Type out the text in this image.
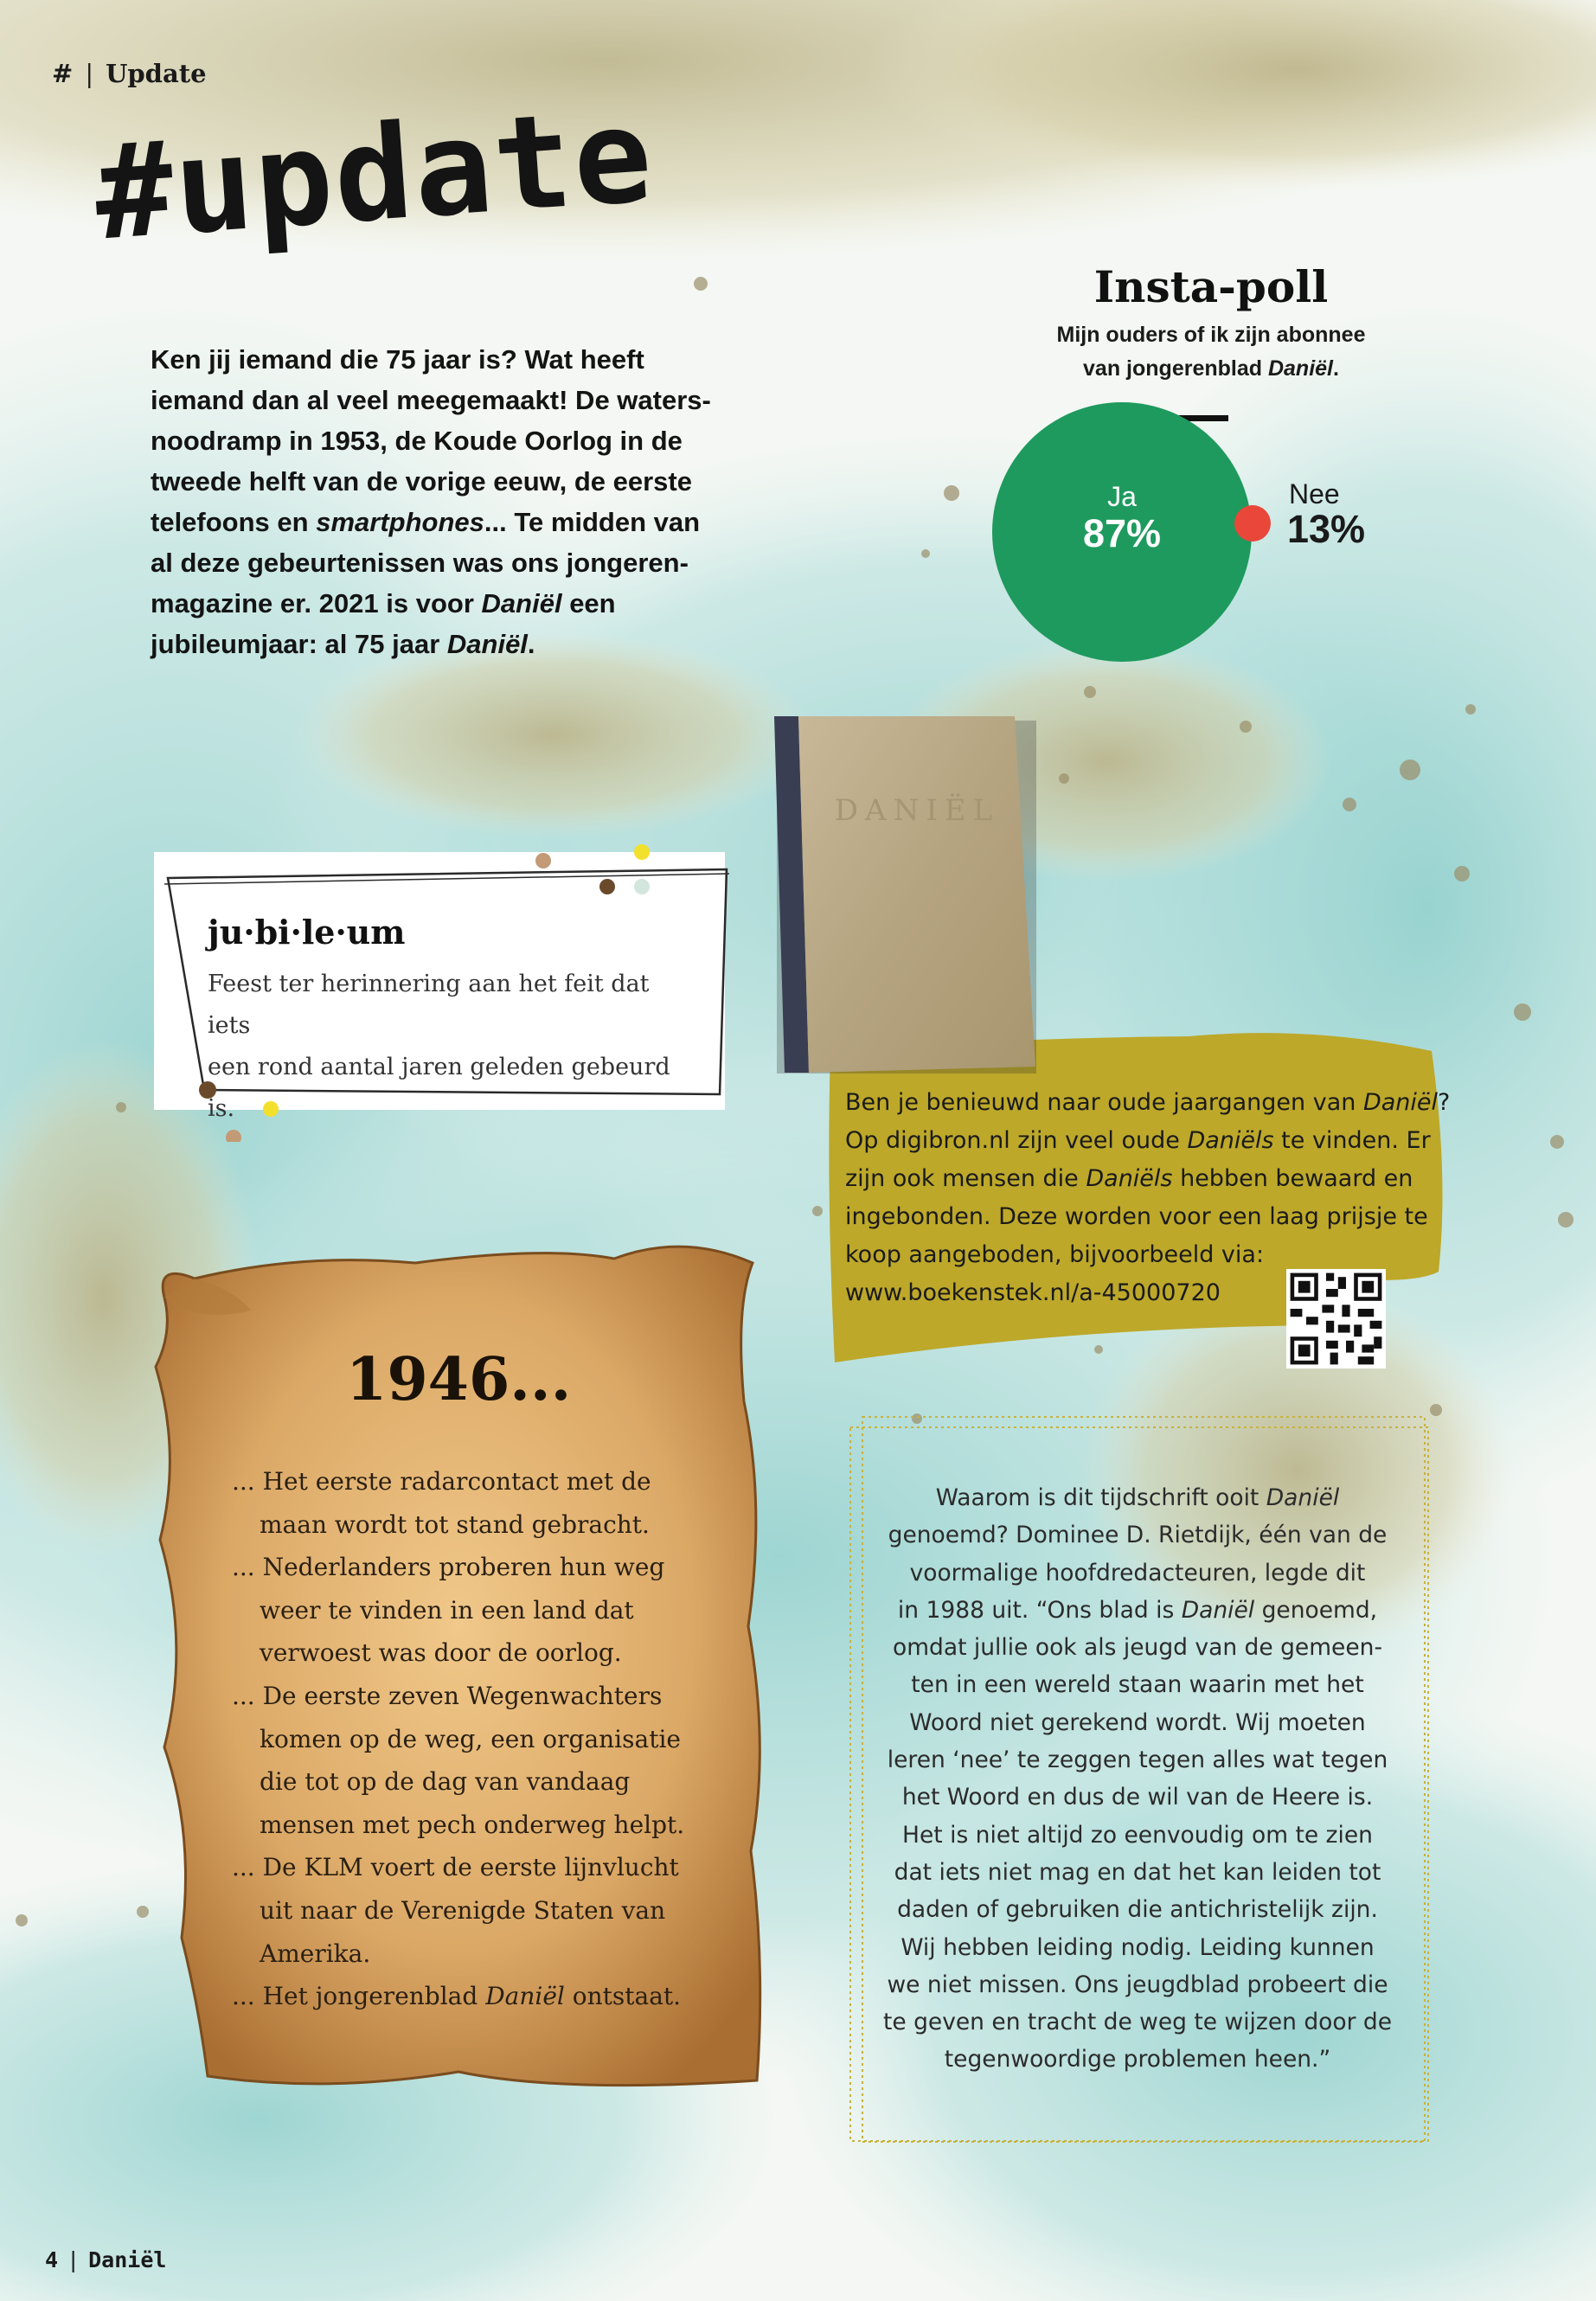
# | Update
#update
Ken jij iemand die 75 jaar is? Wat heeft
iemand dan al veel meegemaakt! De waters-
noodramp in 1953, de Koude Oorlog in de
tweede helft van de vorige eeuw, de eerste
telefoons en smartphones... Te midden van
al deze gebeurtenissen was ons jongeren-
magazine er. 2021 is voor Daniël een
jubileumjaar: al 75 jaar Daniël.
Insta-poll
Mijn ouders of ik zijn abonnee
van jongerenblad Daniël.
Ja
87%
Nee
13%
ju·bi·le·um
Feest ter herinnering aan het feit dat iets
een rond aantal jaren geleden gebeurd is.
DANIËL
Ben je benieuwd naar oude jaargangen van Daniël?
Op digibron.nl zijn veel oude Daniëls te vinden. Er
zijn ook mensen die Daniëls hebben bewaard en
ingebonden. Deze worden voor een laag prijsje te
koop aangeboden, bijvoorbeeld via:
www.boekenstek.nl/a-45000720
1946...
... Het eerste radarcontact met de maan wordt tot stand gebracht.
... Nederlanders proberen hun weg weer te vinden in een land dat verwoest was door de oorlog.
... De eerste zeven Wegenwachters komen op de weg, een organisatie die tot op de dag van vandaag mensen met pech onderweg helpt.
... De KLM voert de eerste lijnvlucht uit naar de Verenigde Staten van Amerika.
... Het jongerenblad Daniël ontstaat.
Waarom is dit tijdschrift ooit Daniël
genoemd? Dominee D. Rietdijk, één van de
voormalige hoofdredacteuren, legde dit
in 1988 uit. “Ons blad is Daniël genoemd,
omdat jullie ook als jeugd van de gemeen-
ten in een wereld staan waarin met het
Woord niet gerekend wordt. Wij moeten
leren ‘nee’ te zeggen tegen alles wat tegen
het Woord en dus de wil van de Heere is.
Het is niet altijd zo eenvoudig om te zien
dat iets niet mag en dat het kan leiden tot
daden of gebruiken die antichristelijk zijn.
Wij hebben leiding nodig. Leiding kunnen
we niet missen. Ons jeugdblad probeert die
te geven en tracht de weg te wijzen door de
tegenwoordige problemen heen.”
4 | Daniël
